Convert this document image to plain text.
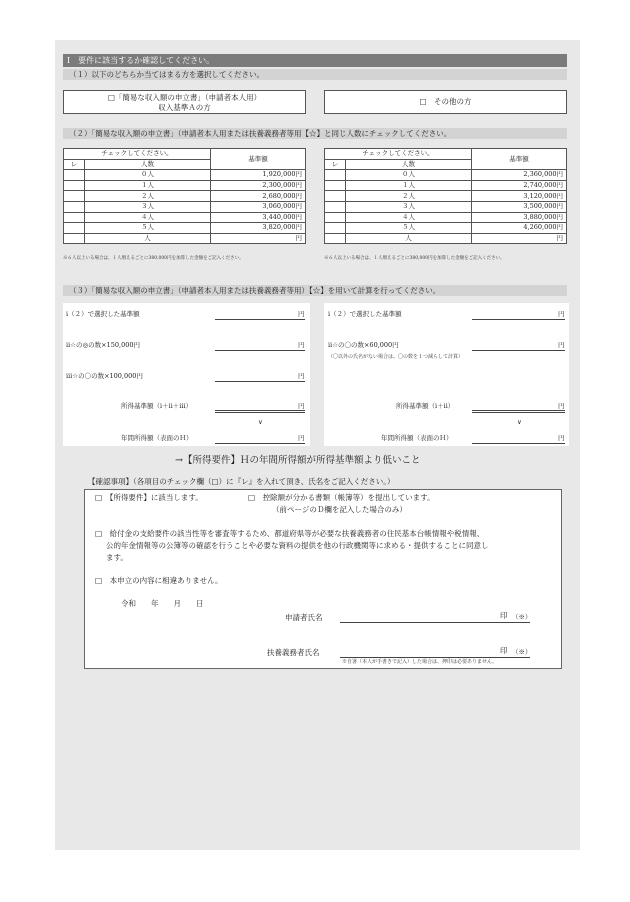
Ⅰ　要件に該当するか確認してください。
（１）以下のどちらか当てはまる方を選択してください。
□「簡易な収入額の申立書」（申請者本人用）
収入基準Ａの方
□　その他の方
（２）「簡易な収入額の申立書」（申請者本人用または扶養義務者等用【☆】と同じ人数にチェックしてください。
チェックしてください。		基準額
レ	人数	
	０人	1,920,000円
	１人	2,300,000円
	２人	2,680,000円
	３人	3,060,000円
	４人	3,440,000円
	５人	3,820,000円
	人	円
※６人以上いる場合は、１人増えるごとに380,000円を加算した金額をご記入ください。
チェックしてください。		基準額
レ	人数	
	０人	2,360,000円
	１人	2,740,000円
	２人	3,120,000円
	３人	3,500,000円
	４人	3,880,000円
	５人	4,260,000円
	人	円
※６人以上いる場合は、１人増えるごとに380,000円を加算した金額をご記入ください。
（３）「簡易な収入額の申立書」（申請者本人用または扶養義務者等用）【☆】を用いて計算を行ってください。
ⅰ（２）で選択した基準額	円
ⅱ☆の◎の数×150,000円	円
ⅲ☆の〇の数×100,000円	円
所得基準額（ⅰ＋ⅱ＋ⅲ）	円
∨
年間所得額（表面のＨ）	円
ⅰ（２）で選択した基準額	円
ⅱ☆の〇の数×60,000円	円
（〇以外の氏名がない場合は、〇の数を１つ減らして計算）
所得基準額（ⅰ＋ⅱ）	円
∨
年間所得額（表面のＨ）	円
→【所得要件】Ｈの年間所得額が所得基準額より低いこと
【確認事項】（各項目のチェック欄（□）に『レ』を入れて頂き、氏名をご記入ください。）
□　【所得要件】に該当します。	□　控除額が分かる書類（帳簿等）を提出しています。
（前ページのＤ欄を記入した場合のみ）
□　給付金の支給要件の該当性等を審査等するため、都道府県等が必要な扶養義務者の住民基本台帳情報や税情報、
公的年金情報等の公簿等の確認を行うことや必要な資料の提供を他の行政機関等に求める・提供することに同意し
ます。
□　本申立の内容に相違ありません。
令和　　年　　月　　日
申請者氏名	印 （※）
扶養義務者氏名	印 （※）
※自署（本人が手書きで記入）した場合は、押印は必要ありません。
